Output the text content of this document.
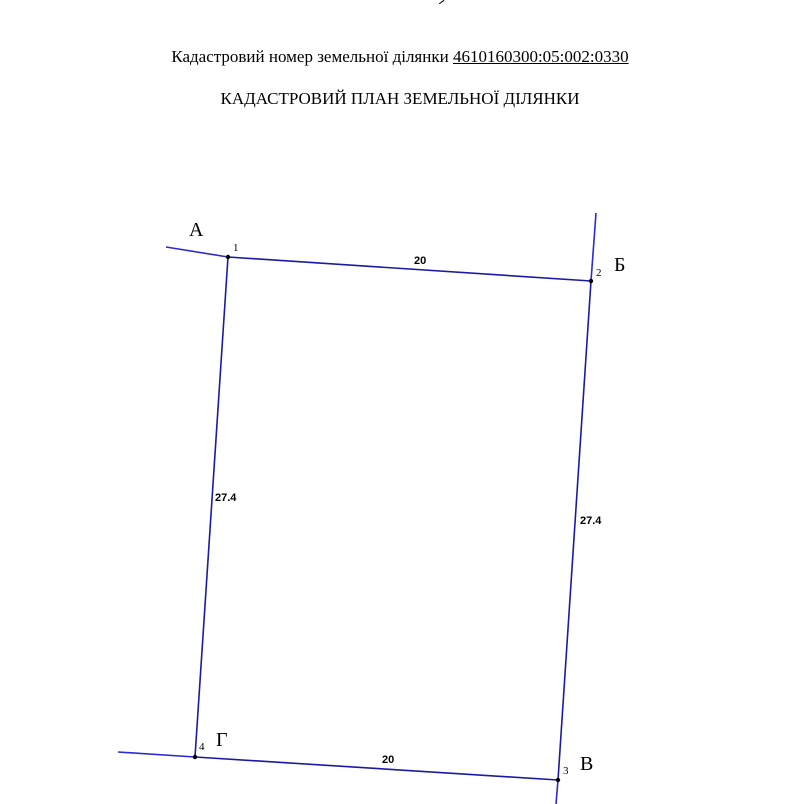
Кадастровий номер земельної ділянки 4610160300:05:002:0330
КАДАСТРОВИЙ ПЛАН ЗЕМЕЛЬНОЇ ДІЛЯНКИ
1
2
3
4
А
Б
В
Г
20
27.4
20
27.4
